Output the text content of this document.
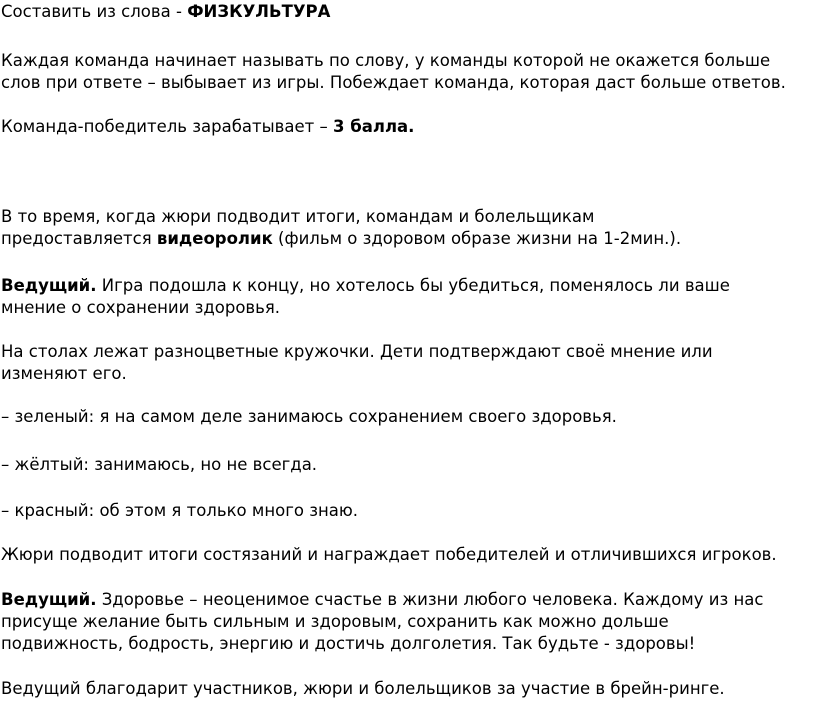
Составить из слова - ФИЗКУЛЬТУРА

Каждая команда начинает называть по слову, у команды которой не окажется больше
слов при ответе – выбывает из игры. Побеждает команда, которая даст больше ответов.

Команда-победитель зарабатывает – 3 балла.

В то время, когда жюри подводит итоги, командам и болельщикам
предоставляется видеоролик (фильм о здоровом образе жизни на 1-2мин.).

Ведущий. Игра подошла к концу, но хотелось бы убедиться, поменялось ли ваше
мнение о сохранении здоровья.

На столах лежат разноцветные кружочки. Дети подтверждают своё мнение или
изменяют его.

– зеленый: я на самом деле занимаюсь сохранением своего здоровья.

– жёлтый: занимаюсь, но не всегда.

– красный: об этом я только много знаю.

Жюри подводит итоги состязаний и награждает победителей и отличившихся игроков.

Ведущий. Здоровье – неоценимое счастье в жизни любого человека. Каждому из нас
присуще желание быть сильным и здоровым, сохранить как можно дольше
подвижность, бодрость, энергию и достичь долголетия. Так будьте - здоровы!

Ведущий благодарит участников, жюри и болельщиков за участие в брейн-ринге.
